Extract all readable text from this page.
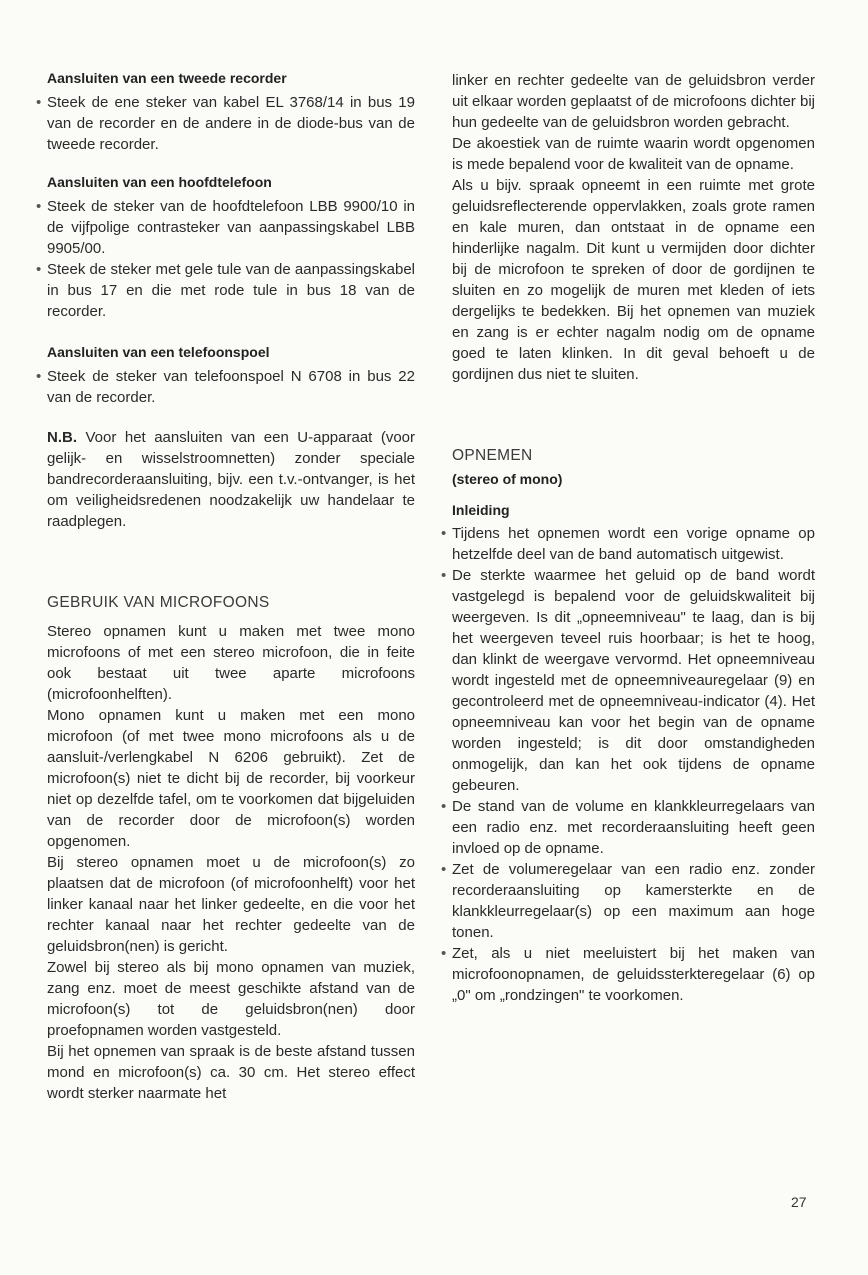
Aansluiten van een tweede recorder
• Steek de ene steker van kabel EL 3768/14 in bus 19 van de recorder en de andere in de diode-bus van de tweede recorder.
Aansluiten van een hoofdtelefoon
• Steek de steker van de hoofdtelefoon LBB 9900/10 in de vijfpolige contrasteker van aanpassingskabel LBB 9905/00.
• Steek de steker met gele tule van de aanpassingskabel in bus 17 en die met rode tule in bus 18 van de recorder.
Aansluiten van een telefoonspoel
• Steek de steker van telefoonspoel N 6708 in bus 22 van de recorder.

N.B. Voor het aansluiten van een U-apparaat (voor gelijk- en wisselstroomnetten) zonder speciale bandrecorderaansluiting, bijv. een t.v.-ontvanger, is het om veiligheidsredenen noodzakelijk uw handelaar te raadplegen.

GEBRUIK VAN MICROFOONS

Stereo opnamen kunt u maken met twee mono microfoons of met een stereo microfoon, die in feite ook bestaat uit twee aparte microfoons (microfoonhelften).

Mono opnamen kunt u maken met een mono microfoon (of met twee mono microfoons als u de aansluit-/verlengkabel N 6206 gebruikt). Zet de microfoon(s) niet te dicht bij de recorder, bij voorkeur niet op dezelfde tafel, om te voorkomen dat bijgeluiden van de recorder door de microfoon(s) worden opgenomen.

Bij stereo opnamen moet u de microfoon(s) zo plaatsen dat de microfoon (of microfoonhelft) voor het linker kanaal naar het linker gedeelte, en die voor het rechter kanaal naar het rechter gedeelte van de geluidsbron(nen) is gericht.

Zowel bij stereo als bij mono opnamen van muziek, zang enz. moet de meest geschikte afstand van de microfoon(s) tot de geluidsbron(nen) door proefopnamen worden vastgesteld.

Bij het opnemen van spraak is de beste afstand tussen mond en microfoon(s) ca. 30 cm. Het stereo effect wordt sterker naarmate het

linker en rechter gedeelte van de geluidsbron verder uit elkaar worden geplaatst of de microfoons dichter bij hun gedeelte van de geluidsbron worden gebracht.

De akoestiek van de ruimte waarin wordt opgenomen is mede bepalend voor de kwaliteit van de opname.

Als u bijv. spraak opneemt in een ruimte met grote geluidsreflecterende oppervlakken, zoals grote ramen en kale muren, dan ontstaat in de opname een hinderlijke nagalm. Dit kunt u vermijden door dichter bij de microfoon te spreken of door de gordijnen te sluiten en zo mogelijk de muren met kleden of iets dergelijks te bedekken. Bij het opnemen van muziek en zang is er echter nagalm nodig om de opname goed te laten klinken. In dit geval behoeft u de gordijnen dus niet te sluiten.

OPNEMEN
(stereo of mono)
Inleiding
• Tijdens het opnemen wordt een vorige opname op hetzelfde deel van de band automatisch uitgewist.
• De sterkte waarmee het geluid op de band wordt vastgelegd is bepalend voor de geluidskwaliteit bij weergeven. Is dit „opneemniveau" te laag, dan is bij het weergeven teveel ruis hoorbaar; is het te hoog, dan klinkt de weergave vervormd. Het opneemniveau wordt ingesteld met de opneemniveauregelaar (9) en gecontroleerd met de opneemniveau-indicator (4). Het opneemniveau kan voor het begin van de opname worden ingesteld; is dit door omstandigheden onmogelijk, dan kan het ook tijdens de opname gebeuren.
• De stand van de volume en klankkleurregelaars van een radio enz. met recorderaansluiting heeft geen invloed op de opname.
• Zet de volumeregelaar van een radio enz. zonder recorderaansluiting op kamersterkte en de klankkleurregelaar(s) op een maximum aan hoge tonen.
• Zet, als u niet meeluistert bij het maken van microfoonopnamen, de geluidssterkteregelaar (6) op „0" om „rondzingen" te voorkomen.
27
